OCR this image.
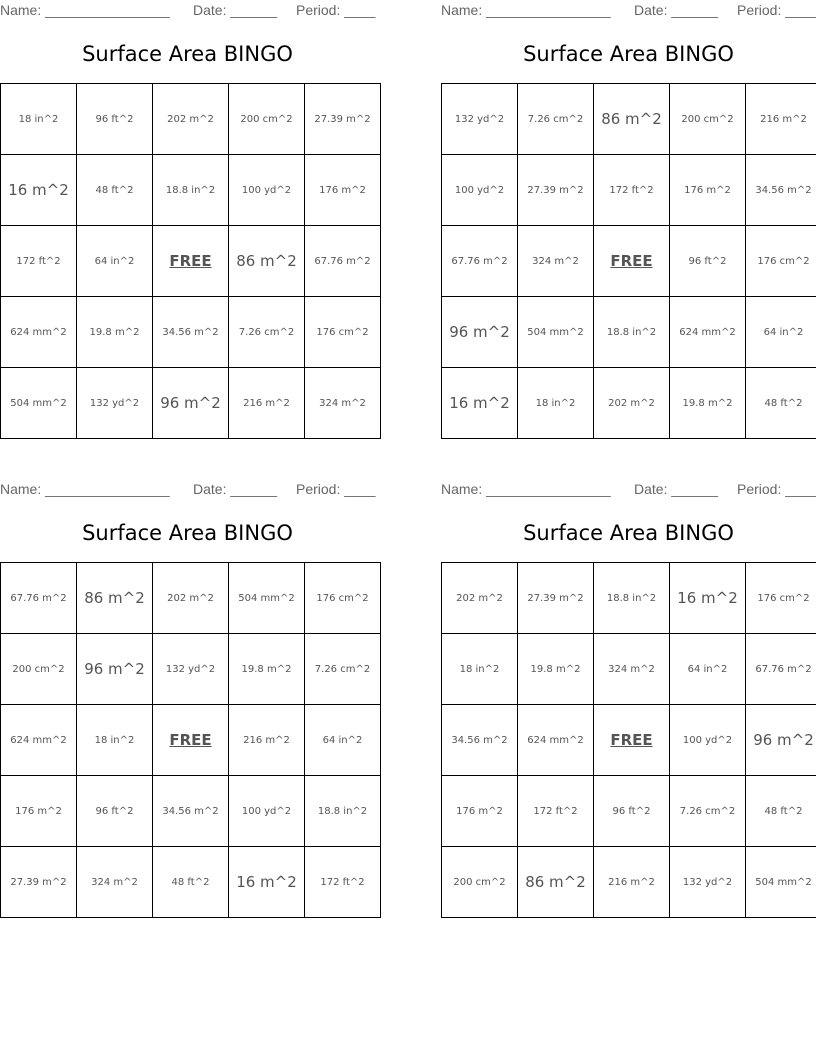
Name: ________________ Date: ______ Period: ____
Surface Area BINGO
18 in^2	96 ft^2	202 m^2	200 cm^2	27.39 m^2
16 m^2	48 ft^2	18.8 in^2	100 yd^2	176 m^2
172 ft^2	64 in^2	FREE	86 m^2	67.76 m^2
624 mm^2	19.8 m^2	34.56 m^2	7.26 cm^2	176 cm^2
504 mm^2	132 yd^2	96 m^2	216 m^2	324 m^2
Name: ________________ Date: ______ Period: ____
Surface Area BINGO
132 yd^2	7.26 cm^2	86 m^2	200 cm^2	216 m^2
100 yd^2	27.39 m^2	172 ft^2	176 m^2	34.56 m^2
67.76 m^2	324 m^2	FREE	96 ft^2	176 cm^2
96 m^2	504 mm^2	18.8 in^2	624 mm^2	64 in^2
16 m^2	18 in^2	202 m^2	19.8 m^2	48 ft^2
Name: ________________ Date: ______ Period: ____
Surface Area BINGO
67.76 m^2	86 m^2	202 m^2	504 mm^2	176 cm^2
200 cm^2	96 m^2	132 yd^2	19.8 m^2	7.26 cm^2
624 mm^2	18 in^2	FREE	216 m^2	64 in^2
176 m^2	96 ft^2	34.56 m^2	100 yd^2	18.8 in^2
27.39 m^2	324 m^2	48 ft^2	16 m^2	172 ft^2
Name: ________________ Date: ______ Period: ____
Surface Area BINGO
202 m^2	27.39 m^2	18.8 in^2	16 m^2	176 cm^2
18 in^2	19.8 m^2	324 m^2	64 in^2	67.76 m^2
34.56 m^2	624 mm^2	FREE	100 yd^2	96 m^2
176 m^2	172 ft^2	96 ft^2	7.26 cm^2	48 ft^2
200 cm^2	86 m^2	216 m^2	132 yd^2	504 mm^2
